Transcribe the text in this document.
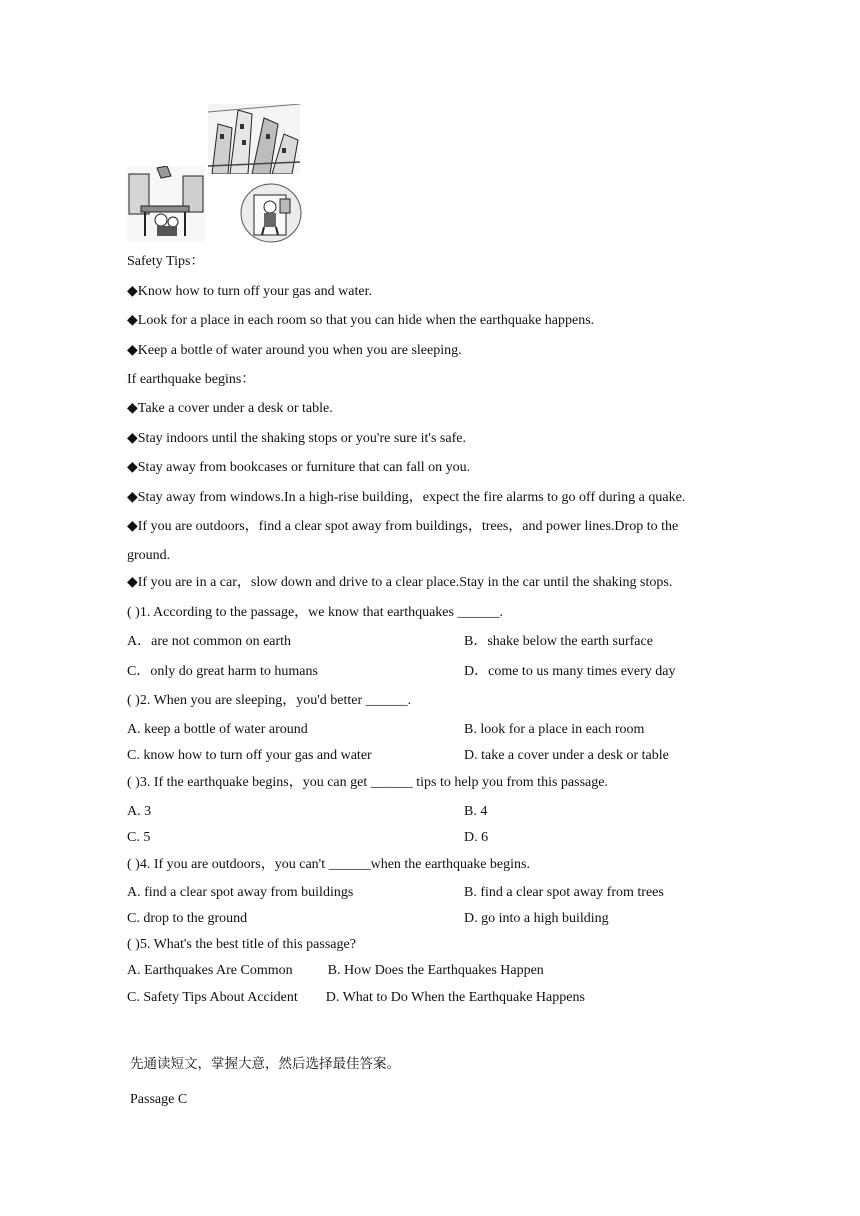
Safety Tips：
◆Know how to turn off your gas and water.
◆Look for a place in each room so that you can hide when the earthquake happens.
◆Keep a bottle of water around you when you are sleeping.
If earthquake begins：
◆Take a cover under a desk or table.
◆Stay indoors until the shaking stops or you're sure it's safe.
◆Stay away from bookcases or furniture that can fall on you.
◆Stay away from windows.In a high-rise building，expect the fire alarms to go off during a quake.
◆If you are outdoors，find a clear spot away from buildings，trees，and power lines.Drop to the
ground.
◆If you are in a car，slow down and drive to a clear place.Stay in the car until the shaking stops.
( )1. According to the passage，we know that earthquakes ______.
A．are not common on earth	B．shake below the earth surface
C．only do great harm to humans	D．come to us many times every day
( )2. When you are sleeping，you'd better ______.
A. keep a bottle of water around	B. look for a place in each room
C. know how to turn off your gas and water	D. take a cover under a desk or table
( )3. If the earthquake begins，you can get ______ tips to help you from this passage.
A. 3	B. 4
C. 5	D. 6
( )4. If you are outdoors，you can't ______when the earthquake begins.
A. find a clear spot away from buildings	B. find a clear spot away from trees
C. drop to the ground	D. go into a high building
( )5. What's the best title of this passage?
A. Earthquakes Are Common          B. How Does the Earthquakes Happen
C. Safety Tips About Accident        D. What to Do When the Earthquake Happens
先通读短文，掌握大意，然后选择最佳答案。
Passage C
